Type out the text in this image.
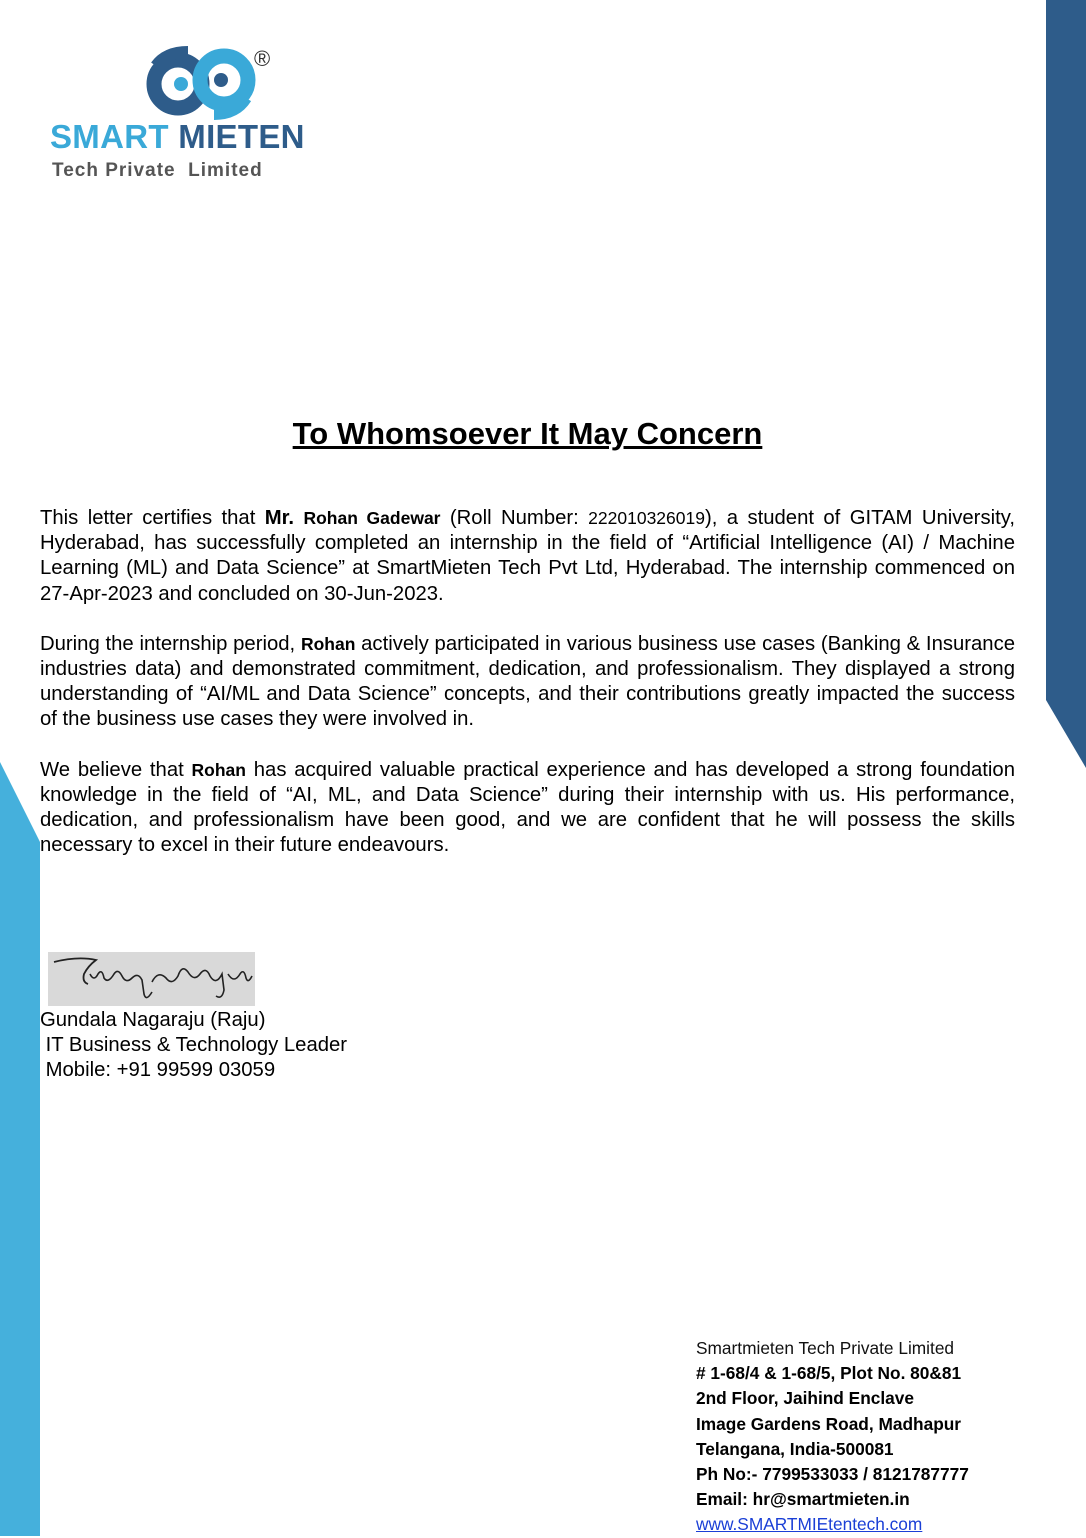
®

SMART MIETEN

Tech Private  Limited
To Whomsoever It May Concern

This letter certifies that Mr. Rohan Gadewar (Roll Number: 222010326019), a student of GITAM University, Hyderabad, has successfully completed an internship in the field of “Artificial Intelligence (AI) / Machine Learning (ML) and Data Science” at SmartMieten Tech Pvt Ltd, Hyderabad. The internship commenced on 27-Apr-2023 and concluded on 30-Jun-2023.

During the internship period, Rohan actively participated in various business use cases (Banking & Insurance industries data) and demonstrated commitment, dedication, and professionalism. They displayed a strong understanding of “AI/ML and Data Science” concepts, and their contributions greatly impacted the success of the business use cases they were involved in.

We believe that Rohan has acquired valuable practical experience and has developed a strong foundation knowledge in the field of “AI, ML, and Data Science” during their internship with us. His performance, dedication, and professionalism have been good, and we are confident that he will possess the skills necessary to excel in their future endeavours.

Gundala Nagaraju (Raju)
IT Business & Technology Leader
Mobile: +91 99599 03059
Smartmieten Tech Private Limited
# 1-68/4 & 1-68/5, Plot No. 80&81
2nd Floor, Jaihind Enclave
Image Gardens Road, Madhapur
Telangana, India-500081
Ph No:- 7799533033 / 8121787777
Email: hr@smartmieten.in
www.SMARTMIEtentech.com
